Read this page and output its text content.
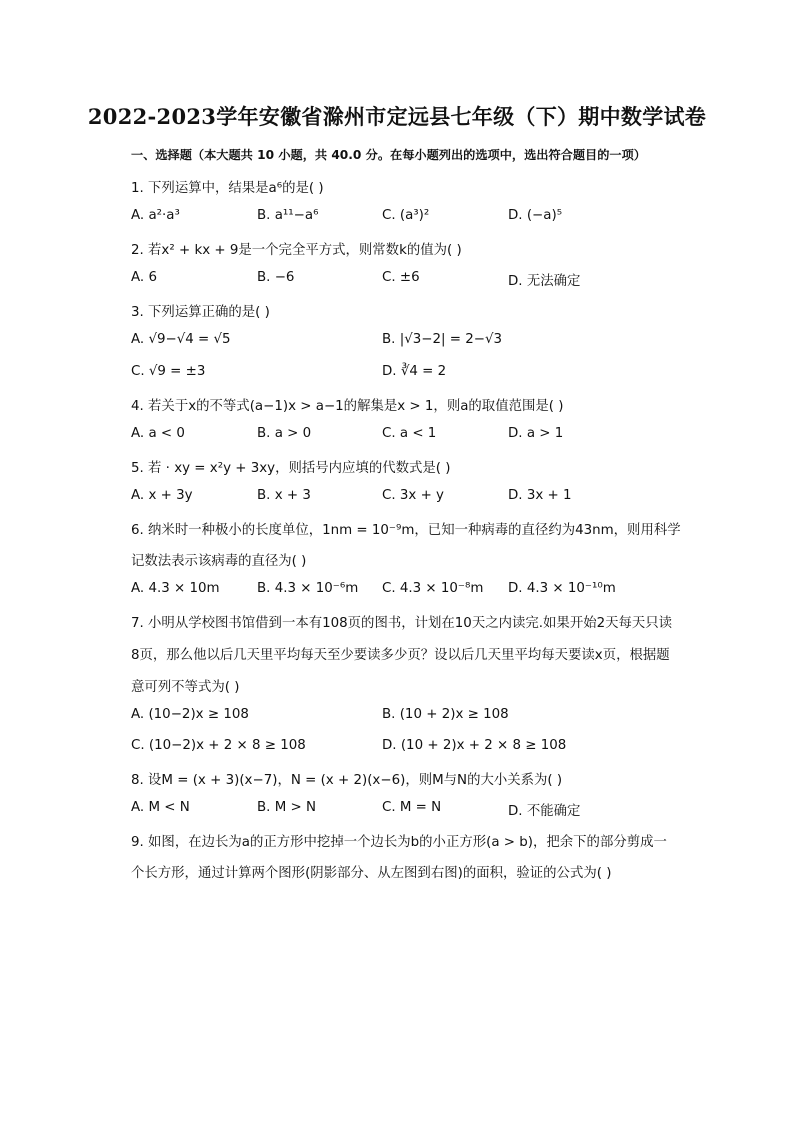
2022-2023学年安徽省滁州市定远县七年级（下）期中数学试卷
一、选择题（本大题共 10 小题，共 40.0 分。在每小题列出的选项中，选出符合题目的一项）
1. 下列运算中，结果是a⁶的是( )
A. a²·a³	B. a¹¹−a⁶	C. (a³)²	D. (−a)⁵
2. 若x² + kx + 9是一个完全平方式，则常数k的值为( )
A. 6	B. −6	C. ±6	D. 无法确定
3. 下列运算正确的是( )
A. √9−√4 = √5	B. |√3−2| = 2−√3
C. √9 = ±3	D. ∛4 = 2
4. 若关于x的不等式(a−1)x > a−1的解集是x > 1，则a的取值范围是( )
A. a < 0	B. a > 0	C. a < 1	D. a > 1
5. 若 · xy = x²y + 3xy，则括号内应填的代数式是( )
A. x + 3y	B. x + 3	C. 3x + y	D. 3x + 1
6. 纳米时一种极小的长度单位，1nm = 10⁻⁹m，已知一种病毒的直径约为43nm，则用科学
记数法表示该病毒的直径为( )
A. 4.3 × 10m	B. 4.3 × 10⁻⁶m C. 4.3 × 10⁻⁸m D. 4.3 × 10⁻¹⁰m
7. 小明从学校图书馆借到一本有108页的图书，计划在10天之内读完.如果开始2天每天只读
8页，那么他以后几天里平均每天至少要读多少页？设以后几天里平均每天要读x页，根据题
意可列不等式为( )
A. (10−2)x ≥ 108	B. (10 + 2)x ≥ 108
C. (10−2)x + 2 × 8 ≥ 108	D. (10 + 2)x + 2 × 8 ≥ 108
8. 设M = (x + 3)(x−7)，N = (x + 2)(x−6)，则M与N的大小关系为( )
A. M < N	B. M > N	C. M = N	D. 不能确定
9. 如图，在边长为a的正方形中挖掉一个边长为b的小正方形(a > b)，把余下的部分剪成一
个长方形，通过计算两个图形(阴影部分、从左图到右图)的面积，验证的公式为( )
